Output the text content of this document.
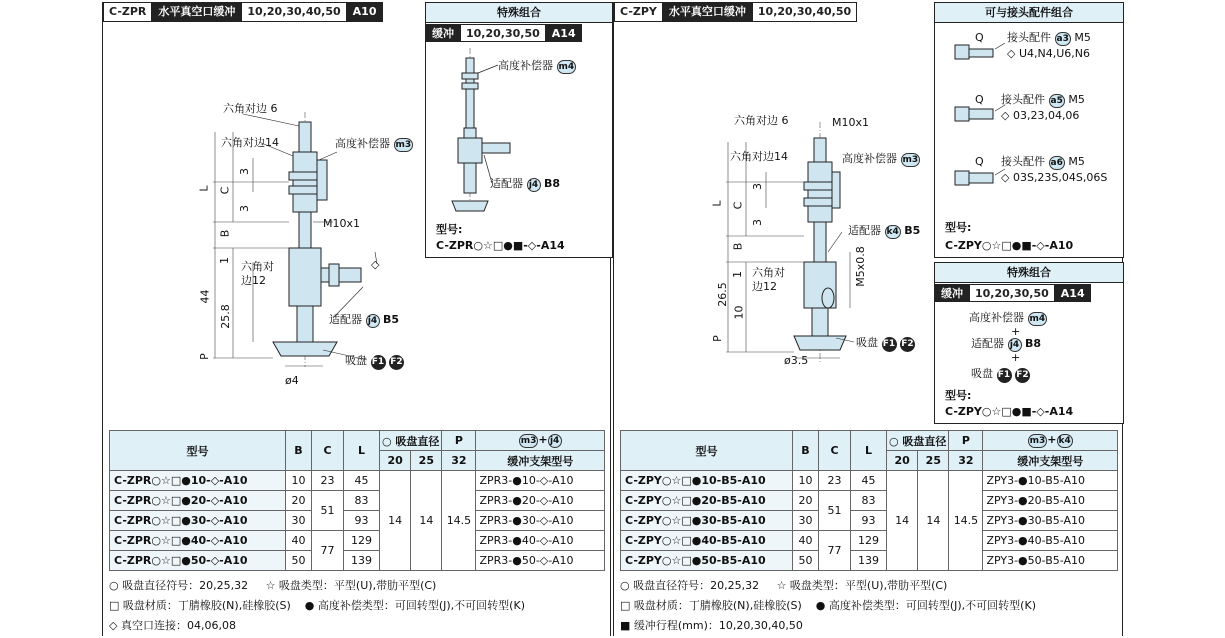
C-ZPR	水平真空口缓冲	10,20,30,40,50	A10	特殊组合
缓冲	10,20,30,50	A14
高度补偿器 m4
适配器 j4 B8
型号:
C-ZPR○☆□●■-◇-A14
六角对边 6
六角对边14	高度补偿器 m3
M10x1
六角对
边12
◇
适配器 j4 B5
吸盘 F1 F2
ø4
L C
3
3
B
1
44
25.8
P
型号	B	C	L	○ 吸盘直径		P	m3 + j4
				20	25	32	缓冲支架型号
C-ZPR○☆□●10-◇-A10	10	23	45	14	14	14.5	ZPR3-●10-◇-A10
C-ZPR○☆□●20-◇-A10	20	51	83				ZPR3-●20-◇-A10
C-ZPR○☆□●30-◇-A10	30		93				ZPR3-●30-◇-A10
C-ZPR○☆□●40-◇-A10	40	77	129				ZPR3-●40-◇-A10
C-ZPR○☆□●50-◇-A10	50		139				ZPR3-●50-◇-A10
○ 吸盘直径符号：20,25,32 ☆ 吸盘类型：平型(U),带肋平型(C)
□ 吸盘材质：丁腈橡胶(N),硅橡胶(S) ● 高度补偿类型：可回转型(J),不可回转型(K)
◇ 真空口连接：04,06,08
C-ZPY	水平真空口缓冲	10,20,30,40,50	可与接头配件组合
Q 接头配件 a3 M5
◇ U4,N4,U6,N6
Q 接头配件 a5 M5
◇ 03,23,04,06
Q 接头配件 a6 M5
◇ 03S,23S,04S,06S
型号:
C-ZPY○☆□●■-◇-A10
特殊组合
缓冲	10,20,30,50	A14
高度补偿器 m4
+
适配器 j4 B8
+
吸盘 F1 F2
型号:
C-ZPY○☆□●■-◇-A14
六角对边 6	M10x1
六角对边14	高度补偿器 m3
适配器 k4 B5
M5x0.8
六角对
边12
吸盘 F1 F2
ø3.5
L C
3
3
B
1
26.5
10
P
型号	B	C	L	○ 吸盘直径		P	m3 + k4
				20	25	32	缓冲支架型号
C-ZPY○☆□●10-B5-A10	10	23	45	14	14	14.5	ZPY3-●10-B5-A10
C-ZPY○☆□●20-B5-A10	20	51	83				ZPY3-●20-B5-A10
C-ZPY○☆□●30-B5-A10	30		93				ZPY3-●30-B5-A10
C-ZPY○☆□●40-B5-A10	40	77	129				ZPY3-●40-B5-A10
C-ZPY○☆□●50-B5-A10	50		139				ZPY3-●50-B5-A10
○ 吸盘直径符号：20,25,32 ☆ 吸盘类型：平型(U),带肋平型(C)
□ 吸盘材质：丁腈橡胶(N),硅橡胶(S) ● 高度补偿类型：可回转型(J),不可回转型(K)
■ 缓冲行程(mm)：10,20,30,40,50
